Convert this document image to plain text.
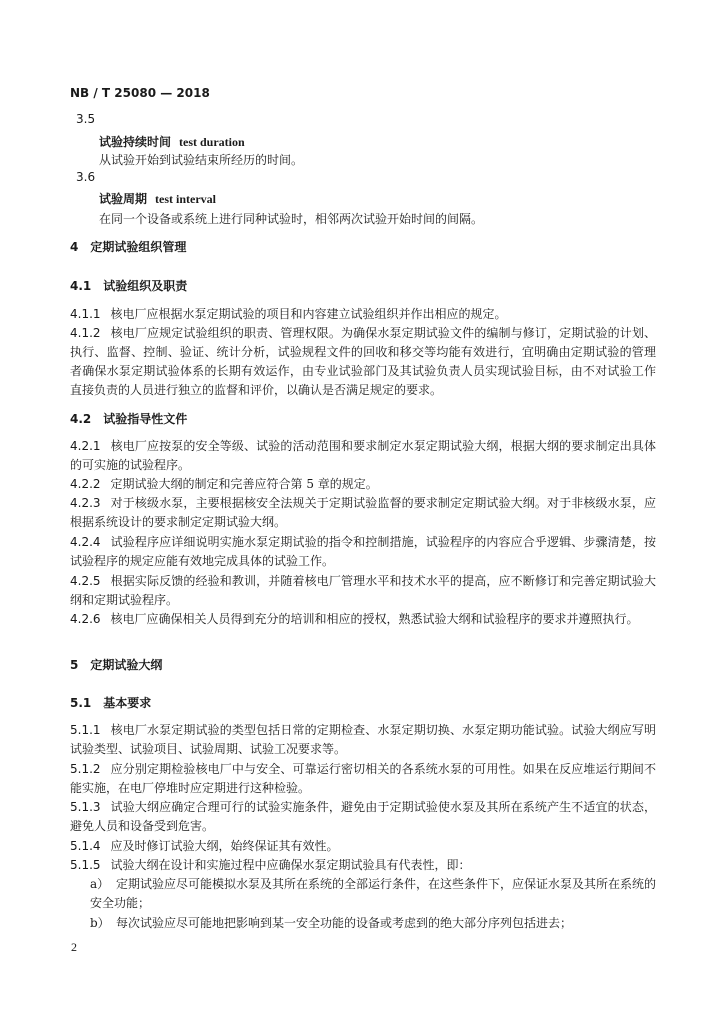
NB / T 25080 — 2018
3.5
试验持续时间 test duration
从试验开始到试验结束所经历的时间。
3.6
试验周期 test interval
在同一个设备或系统上进行同种试验时，相邻两次试验开始时间的间隔。
4　定期试验组织管理
4.1　试验组织及职责
4.1.1 核电厂应根据水泵定期试验的项目和内容建立试验组织并作出相应的规定。
4.1.2 核电厂应规定试验组织的职责、管理权限。为确保水泵定期试验文件的编制与修订，定期试验的计划、执行、监督、控制、验证、统计分析，试验规程文件的回收和移交等均能有效进行，宜明确由定期试验的管理者确保水泵定期试验体系的长期有效运作，由专业试验部门及其试验负责人员实现试验目标，由不对试验工作直接负责的人员进行独立的监督和评价，以确认是否满足规定的要求。
4.2　试验指导性文件
4.2.1 核电厂应按泵的安全等级、试验的活动范围和要求制定水泵定期试验大纲，根据大纲的要求制定出具体的可实施的试验程序。
4.2.2 定期试验大纲的制定和完善应符合第 5 章的规定。
4.2.3 对于核级水泵，主要根据核安全法规关于定期试验监督的要求制定定期试验大纲。对于非核级水泵，应根据系统设计的要求制定定期试验大纲。
4.2.4 试验程序应详细说明实施水泵定期试验的指令和控制措施，试验程序的内容应合乎逻辑、步骤清楚，按试验程序的规定应能有效地完成具体的试验工作。
4.2.5 根据实际反馈的经验和教训，并随着核电厂管理水平和技术水平的提高，应不断修订和完善定期试验大纲和定期试验程序。
4.2.6 核电厂应确保相关人员得到充分的培训和相应的授权，熟悉试验大纲和试验程序的要求并遵照执行。
5　定期试验大纲
5.1　基本要求
5.1.1 核电厂水泵定期试验的类型包括日常的定期检查、水泵定期切换、水泵定期功能试验。试验大纲应写明试验类型、试验项目、试验周期、试验工况要求等。
5.1.2 应分别定期检验核电厂中与安全、可靠运行密切相关的各系统水泵的可用性。如果在反应堆运行期间不能实施，在电厂停堆时应定期进行这种检验。
5.1.3 试验大纲应确定合理可行的试验实施条件，避免由于定期试验使水泵及其所在系统产生不适宜的状态，避免人员和设备受到危害。
5.1.4 应及时修订试验大纲，始终保证其有效性。
5.1.5 试验大纲在设计和实施过程中应确保水泵定期试验具有代表性，即：
a） 定期试验应尽可能模拟水泵及其所在系统的全部运行条件，在这些条件下，应保证水泵及其所在系统的安全功能；
b） 每次试验应尽可能地把影响到某一安全功能的设备或考虑到的绝大部分序列包括进去；
2
